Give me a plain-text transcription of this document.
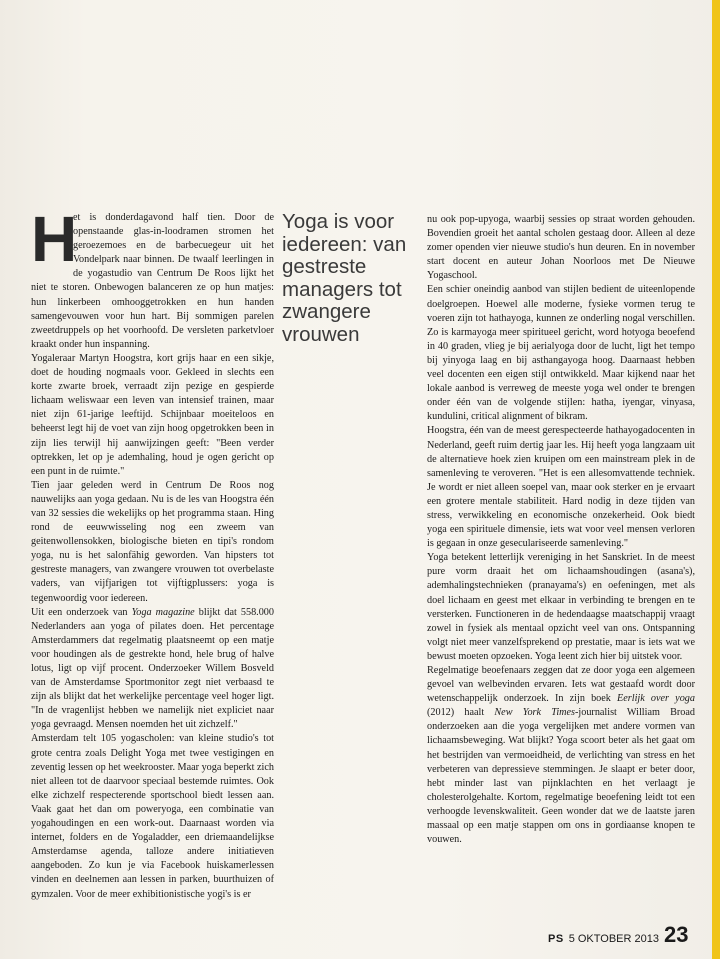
H
et is donderdagavond half tien. Door de openstaande glas-in-loodramen stromen het geroezemoes en de barbecuegeur uit het Vondelpark naar binnen. De twaalf leerlingen in de yogastudio van Centrum De Roos lijkt het niet te storen. Onbewogen balanceren ze op hun matjes: hun linkerbeen omhooggetrokken en hun handen samengevouwen voor hun hart. Bij sommigen parelen zweetdruppels op het voorhoofd. De versleten parketvloer kraakt onder hun inspanning.

Yogaleraar Martyn Hoogstra, kort grijs haar en een sikje, doet de houding nogmaals voor. Gekleed in slechts een korte zwarte broek, verraadt zijn pezige en gespierde lichaam weliswaar een leven van intensief trainen, maar niet zijn 61-jarige leeftijd. Schijnbaar moeiteloos en beheerst legt hij de voet van zijn hoog opgetrokken been in zijn lies terwijl hij aanwijzingen geeft: "Been verder optrekken, let op je ademhaling, houd je ogen gericht op een punt in de ruimte."

Tien jaar geleden werd in Centrum De Roos nog nauwelijks aan yoga gedaan. Nu is de les van Hoogstra één van 32 sessies die wekelijks op het programma staan. Hing rond de eeuwwisseling nog een zweem van geitenwollensokken, biologische bieten en tipi's rondom yoga, nu is het salonfähig geworden. Van hipsters tot gestreste managers, van zwangere vrouwen tot overbelaste vaders, van vijfjarigen tot vijftigplussers: yoga is tegenwoordig voor iedereen.

Uit een onderzoek van Yoga magazine blijkt dat 558.000 Nederlanders aan yoga of pilates doen. Het percentage Amsterdammers dat regelmatig plaatsneemt op een matje voor houdingen als de gestrekte hond, hele brug of halve lotus, ligt op vijf procent. Onderzoeker Willem Bosveld van de Amsterdamse Sportmonitor zegt niet verbaasd te zijn als blijkt dat het werkelijke percentage veel hoger ligt. "In de vragenlijst hebben we namelijk niet expliciet naar yoga gevraagd. Mensen noemden het uit zichzelf."

Amsterdam telt 105 yogascholen: van kleine studio's tot grote centra zoals Delight Yoga met twee vestigingen en zeventig lessen op het weekrooster. Maar yoga beperkt zich niet alleen tot de daarvoor speciaal bestemde ruimtes. Ook elke zichzelf respecterende sportschool biedt lessen aan. Vaak gaat het dan om poweryoga, een combinatie van yogahoudingen en een work-out. Daarnaast worden via internet, folders en de Yogaladder, een driemaandelijkse Amsterdamse agenda, talloze andere initiatieven aangeboden. Zo kun je via Facebook huiskamerlessen vinden en deelnemen aan lessen in parken, buurthuizen of gymzalen. Voor de meer exhibitionistische yogi's is er

Yoga is voor iedereen: van gestreste managers tot zwangere vrouwen

nu ook pop-upyoga, waarbij sessies op straat worden gehouden. Bovendien groeit het aantal scholen gestaag door. Alleen al deze zomer openden vier nieuwe studio's hun deuren. En in november start docent en auteur Johan Noorloos met De Nieuwe Yogaschool.

Een schier oneindig aanbod van stijlen bedient de uiteenlopende doelgroepen. Hoewel alle moderne, fysieke vormen terug te voeren zijn tot hathayoga, kunnen ze onderling nogal verschillen. Zo is karmayoga meer spiritueel gericht, word hotyoga beoefend in 40 graden, vlieg je bij aerialyoga door de lucht, ligt het tempo bij yinyoga laag en bij asthangayoga hoog. Daarnaast hebben veel docenten een eigen stijl ontwikkeld. Maar kijkend naar het lokale aanbod is verreweg de meeste yoga wel onder te brengen onder één van de volgende stijlen: hatha, iyengar, vinyasa, kundulini, critical alignment of bikram.

Hoogstra, één van de meest gerespecteerde hathayogadocenten in Nederland, geeft ruim dertig jaar les. Hij heeft yoga langzaam uit de alternatieve hoek zien kruipen om een mainstream plek in de samenleving te veroveren. "Het is een allesomvattende techniek. Je wordt er niet alleen soepel van, maar ook sterker en je ervaart een grotere mentale stabiliteit. Hard nodig in deze tijden van stress, verwikkeling en economische onzekerheid. Ook biedt yoga een spirituele dimensie, iets wat voor veel mensen verloren is gegaan in onze geseculariseerde samenleving."

Yoga betekent letterlijk vereniging in het Sanskriet. In de meest pure vorm draait het om lichaamshoudingen (asana's), ademhalingstechnieken (pranayama's) en oefeningen, met als doel lichaam en geest met elkaar in verbinding te brengen en te versterken. Functioneren in de hedendaagse maatschappij vraagt zowel in fysiek als mentaal opzicht veel van ons. Ontspanning volgt niet meer vanzelfsprekend op prestatie, maar is iets wat we bewust moeten opzoeken. Yoga leent zich hier bij uitstek voor.

Regelmatige beoefenaars zeggen dat ze door yoga een algemeen gevoel van welbevinden ervaren. Iets wat gestaafd wordt door wetenschappelijk onderzoek. In zijn boek Eerlijk over yoga (2012) haalt New York Times-journalist William Broad onderzoeken aan die yoga vergelijken met andere vormen van lichaamsbeweging. Wat blijkt? Yoga scoort beter als het gaat om het bestrijden van vermoeidheid, de verlichting van stress en het verbeteren van depressieve stemmingen. Je slaapt er beter door, hebt minder last van pijnklachten en het verlaagt je cholesterolgehalte. Kortom, regelmatige beoefening leidt tot een verhoogde levenskwaliteit. Geen wonder dat we de laatste jaren massaal op een matje stappen om ons in gordiaanse knopen te vouwen.

PS 5 OKTOBER 2013 23
